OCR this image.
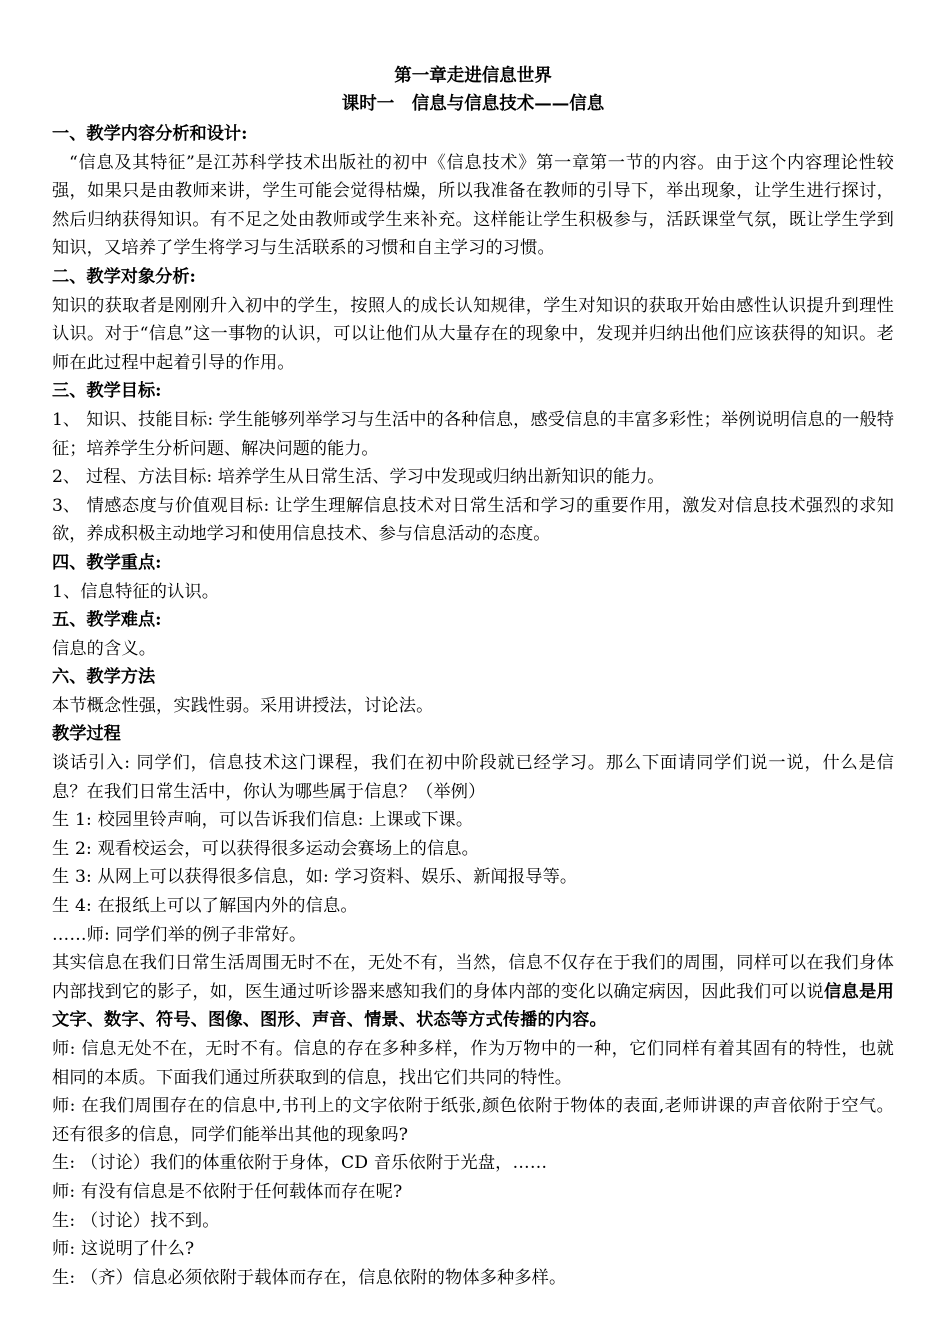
第一章走进信息世界

课时一　信息与信息技术——信息

一、教学内容分析和设计:

“信息及其特征”是江苏科学技术出版社的初中《信息技术》第一章第一节的内容。由于这个内容理论性较强，如果只是由教师来讲，学生可能会觉得枯燥，所以我准备在教师的引导下，举出现象，让学生进行探讨，然后归纳获得知识。有不足之处由教师或学生来补充。这样能让学生积极参与，活跃课堂气氛，既让学生学到知识，又培养了学生将学习与生活联系的习惯和自主学习的习惯。

二、教学对象分析:

知识的获取者是刚刚升入初中的学生，按照人的成长认知规律，学生对知识的获取开始由感性认识提升到理性认识。对于“信息”这一事物的认识，可以让他们从大量存在的现象中，发现并归纳出他们应该获得的知识。老师在此过程中起着引导的作用。

三、教学目标:

1、 知识、技能目标: 学生能够列举学习与生活中的各种信息，感受信息的丰富多彩性；举例说明信息的一般特征；培养学生分析问题、解决问题的能力。

2、 过程、方法目标: 培养学生从日常生活、学习中发现或归纳出新知识的能力。

3、 情感态度与价值观目标: 让学生理解信息技术对日常生活和学习的重要作用，激发对信息技术强烈的求知欲，养成积极主动地学习和使用信息技术、参与信息活动的态度。

四、教学重点:

1、信息特征的认识。

五、教学难点:

信息的含义。

六、教学方法

本节概念性强，实践性弱。采用讲授法，讨论法。

教学过程

谈话引入: 同学们，信息技术这门课程，我们在初中阶段就已经学习。那么下面请同学们说一说，什么是信息？在我们日常生活中，你认为哪些属于信息？（举例）

生 1: 校园里铃声响，可以告诉我们信息: 上课或下课。

生 2: 观看校运会，可以获得很多运动会赛场上的信息。

生 3: 从网上可以获得很多信息，如: 学习资料、娱乐、新闻报导等。

生 4: 在报纸上可以了解国内外的信息。

……师: 同学们举的例子非常好。

其实信息在我们日常生活周围无时不在，无处不有，当然，信息不仅存在于我们的周围，同样可以在我们身体内部找到它的影子，如，医生通过听诊器来感知我们的身体内部的变化以确定病因，因此我们可以说信息是用文字、数字、符号、图像、图形、声音、情景、状态等方式传播的内容。

师: 信息无处不在，无时不有。信息的存在多种多样，作为万物中的一种，它们同样有着其固有的特性，也就相同的本质。下面我们通过所获取到的信息，找出它们共同的特性。

师: 在我们周围存在的信息中,书刊上的文字依附于纸张,颜色依附于物体的表面,老师讲课的声音依附于空气。还有很多的信息，同学们能举出其他的现象吗?

生: （讨论）我们的体重依附于身体，CD 音乐依附于光盘，……

师: 有没有信息是不依附于任何载体而存在呢?

生: （讨论）找不到。

师: 这说明了什么?

生: （齐）信息必须依附于载体而存在，信息依附的物体多种多样。
